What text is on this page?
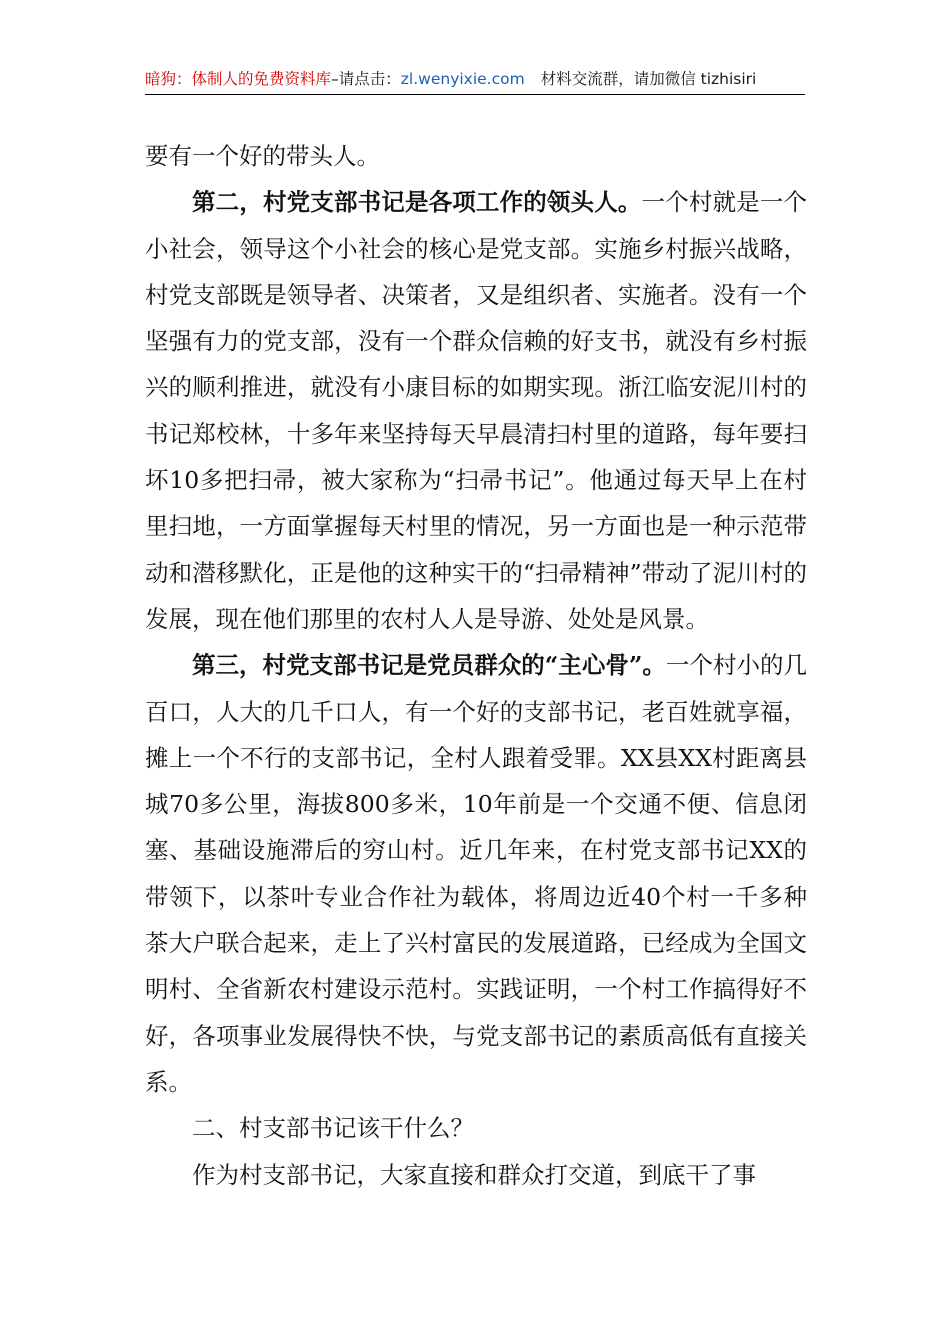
暗狗：体制人的免费资料库–请点击：zl.wenyixie.com 材料交流群，请加微信 tizhisiri

要有一个好的带头人。

第二，村党支部书记是各项工作的领头人。一个村就是一个小社会，领导这个小社会的核心是党支部。实施乡村振兴战略，村党支部既是领导者、决策者，又是组织者、实施者。没有一个坚强有力的党支部，没有一个群众信赖的好支书，就没有乡村振兴的顺利推进，就没有小康目标的如期实现。浙江临安泥川村的书记郑校林，十多年来坚持每天早晨清扫村里的道路，每年要扫坏10多把扫帚，被大家称为“扫帚书记”。他通过每天早上在村里扫地，一方面掌握每天村里的情况，另一方面也是一种示范带动和潜移默化，正是他的这种实干的“扫帚精神”带动了泥川村的发展，现在他们那里的农村人人是导游、处处是风景。

第三，村党支部书记是党员群众的“主心骨”。一个村小的几百口，人大的几千口人，有一个好的支部书记，老百姓就享福，摊上一个不行的支部书记，全村人跟着受罪。XX县XX村距离县城70多公里，海拔800多米，10年前是一个交通不便、信息闭塞、基础设施滞后的穷山村。近几年来，在村党支部书记XX的带领下，以茶叶专业合作社为载体，将周边近40个村一千多种茶大户联合起来，走上了兴村富民的发展道路，已经成为全国文明村、全省新农村建设示范村。实践证明，一个村工作搞得好不好，各项事业发展得快不快，与党支部书记的素质高低有直接关系。

二、村支部书记该干什么？

作为村支部书记，大家直接和群众打交道，到底干了事
